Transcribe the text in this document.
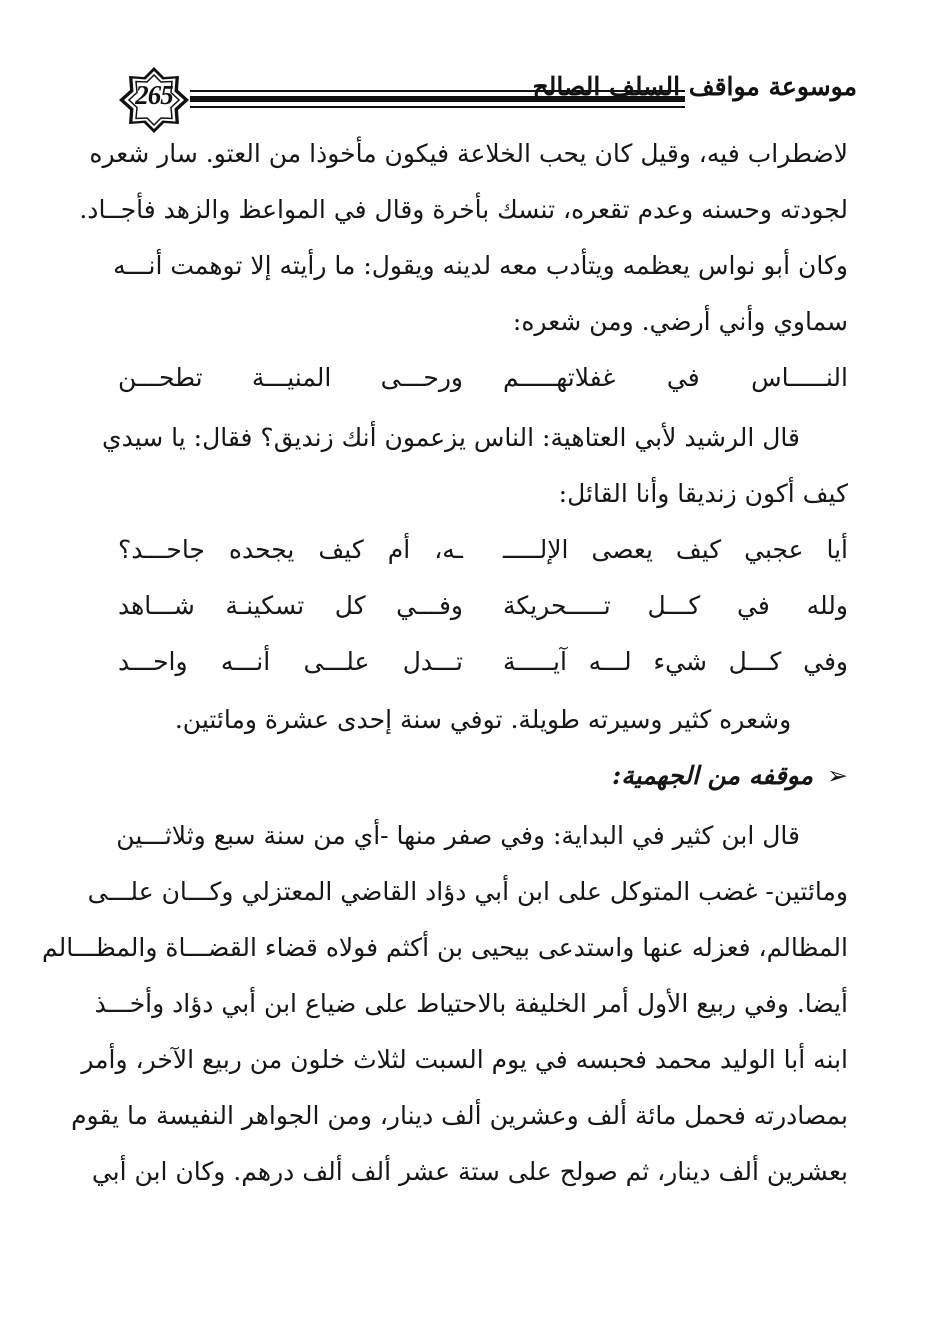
265	موسوعة مواقف السلف الصالح
لاضطراب فيه، وقيل كان يحب الخلاعة فيكون مأخوذا من العتو. سار شعره
لجودته وحسنه وعدم تقعره، تنسك بأخرة وقال في المواعظ والزهد فأجــاد.
وكان أبو نواس يعظمه ويتأدب معه لدينه ويقول: ما رأيته إلا توهمت أنـــه
سماوي وأني أرضي. ومن شعره:
النـــــاس في غفلاتهـــــم
ورحـــى المنيـــة تطحـــن
قال الرشيد لأبي العتاهية: الناس يزعمون أنك زنديق؟ فقال: يا سيدي
كيف أكون زنديقا وأنا القائل:
أيا عجبي كيف يعصى الإلـــــ
ـه، أم كيف يجحده جاحـــد؟
ولله في كـــل تـــــحريكة
وفـــي كل تسكينـة شـــاهد
وفي كـــل شيء لـــه آيـــــة
تـــدل علـــى أنـــه واحـــد
وشعره كثير وسيرته طويلة. توفي سنة إحدى عشرة ومائتين.
➢موقفه من الجهمية:
قال ابن كثير في البداية: وفي صفر منها -أي من سنة سبع وثلاثـــين
ومائتين- غضب المتوكل على ابن أبي دؤاد القاضي المعتزلي وكـــان علـــى
المظالم، فعزله عنها واستدعى بيحيى بن أكثم فولاه قضاء القضـــاة والمظـــالم
أيضا. وفي ربيع الأول أمر الخليفة بالاحتياط على ضياع ابن أبي دؤاد وأخـــذ
ابنه أبا الوليد محمد فحبسه في يوم السبت لثلاث خلون من ربيع الآخر، وأمر
بمصادرته فحمل مائة ألف وعشرين ألف دينار، ومن الجواهر النفيسة ما يقوم
بعشرين ألف دينار، ثم صولح على ستة عشر ألف ألف درهم. وكان ابن أبي
